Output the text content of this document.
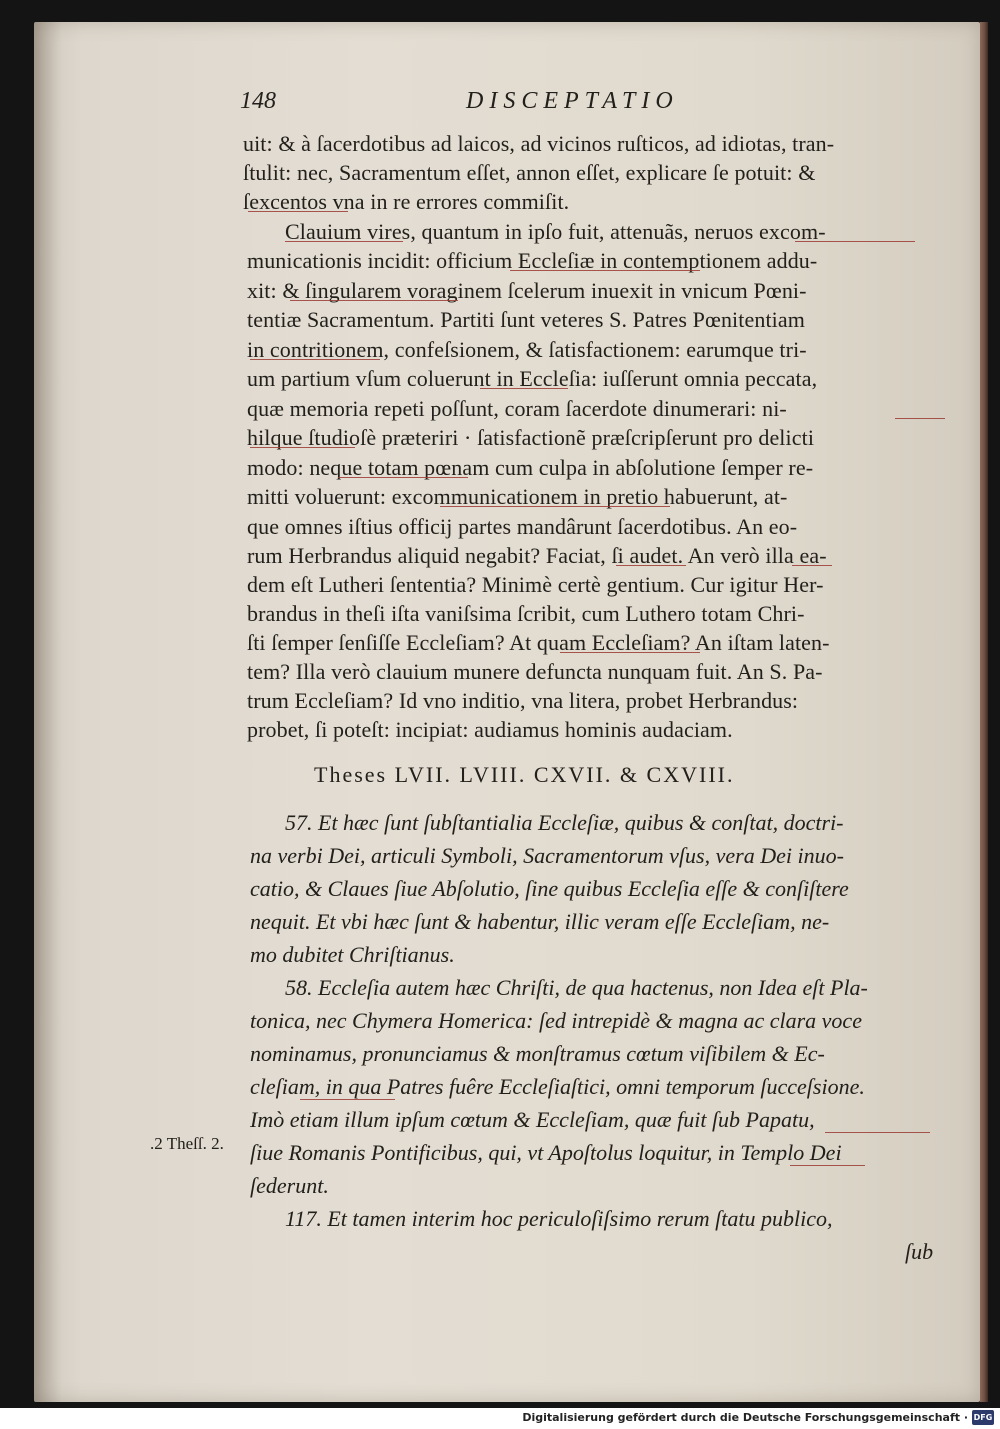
148	DISCEPTATIO

uit: & à ſacerdotibus ad laicos, ad vicinos ruſticos, ad idiotas, tran-

ſtulit: nec, Sacramentum eſſet, annon eſſet, explicare ſe potuit: &

ſexcentos vna in re errores commiſit.

Clauium vires, quantum in ipſo fuit, attenuãs, neruos excom-

municationis incidit: officium Eccleſiæ in contemptionem addu-

xit: & ſingularem voraginem ſcelerum inuexit in vnicum Pœni-

tentiæ Sacramentum. Partiti ſunt veteres S. Patres Pœnitentiam

in contritionem, confeſsionem, & ſatisfactionem: earumque tri-

um partium vſum coluerunt in Eccleſia: iuſſerunt omnia peccata,

quæ memoria repeti poſſunt, coram ſacerdote dinumerari: ni-

hilque ſtudioſè præteriri · ſatisfactionẽ præſcripſerunt pro delicti

modo: neque totam pœnam cum culpa in abſolutione ſemper re-

mitti voluerunt: excommunicationem in pretio habuerunt, at-

que omnes iſtius officij partes mandârunt ſacerdotibus. An eo-

rum Herbrandus aliquid negabit? Faciat, ſi audet. An verò illa ea-

dem eſt Lutheri ſententia? Minimè certè gentium. Cur igitur Her-

brandus in theſi iſta vaniſsima ſcribit, cum Luthero totam Chri-

ſti ſemper ſenſiſſe Eccleſiam? At quam Eccleſiam? An iſtam laten-

tem? Illa verò clauium munere defuncta nunquam fuit. An S. Pa-

trum Eccleſiam? Id vno inditio, vna litera, probet Herbrandus:

probet, ſi poteſt: incipiat: audiamus hominis audaciam.

Theses LVII. LVIII. CXVII. & CXVIII.

57. Et hæc ſunt ſubſtantialia Eccleſiæ, quibus & conſtat, doctri-

na verbi Dei, articuli Symboli, Sacramentorum vſus, vera Dei inuo-

catio, & Claues ſiue Abſolutio, ſine quibus Eccleſia eſſe & conſiſtere

nequit. Et vbi hæc ſunt & habentur, illic veram eſſe Eccleſiam, ne-

mo dubitet Chriſtianus.

58. Eccleſia autem hæc Chriſti, de qua hactenus, non Idea eſt Pla-

tonica, nec Chymera Homerica: ſed intrepidè & magna ac clara voce

nominamus, pronunciamus & monſtramus cœtum viſibilem & Ec-

cleſiam, in qua Patres fuêre Eccleſiaſtici, omni temporum ſucceſsione.

Imò etiam illum ipſum cœtum & Eccleſiam, quæ fuit ſub Papatu,

ſiue Romanis Pontificibus, qui, vt Apoſtolus loquitur, in Templo Dei

ſederunt.

117. Et tamen interim hoc periculoſiſsimo rerum ſtatu publico,

ſub

.2 Theſſ. 2.

Digitalisierung gefördert durch die Deutsche Forschungsgemeinschaft · DFG
